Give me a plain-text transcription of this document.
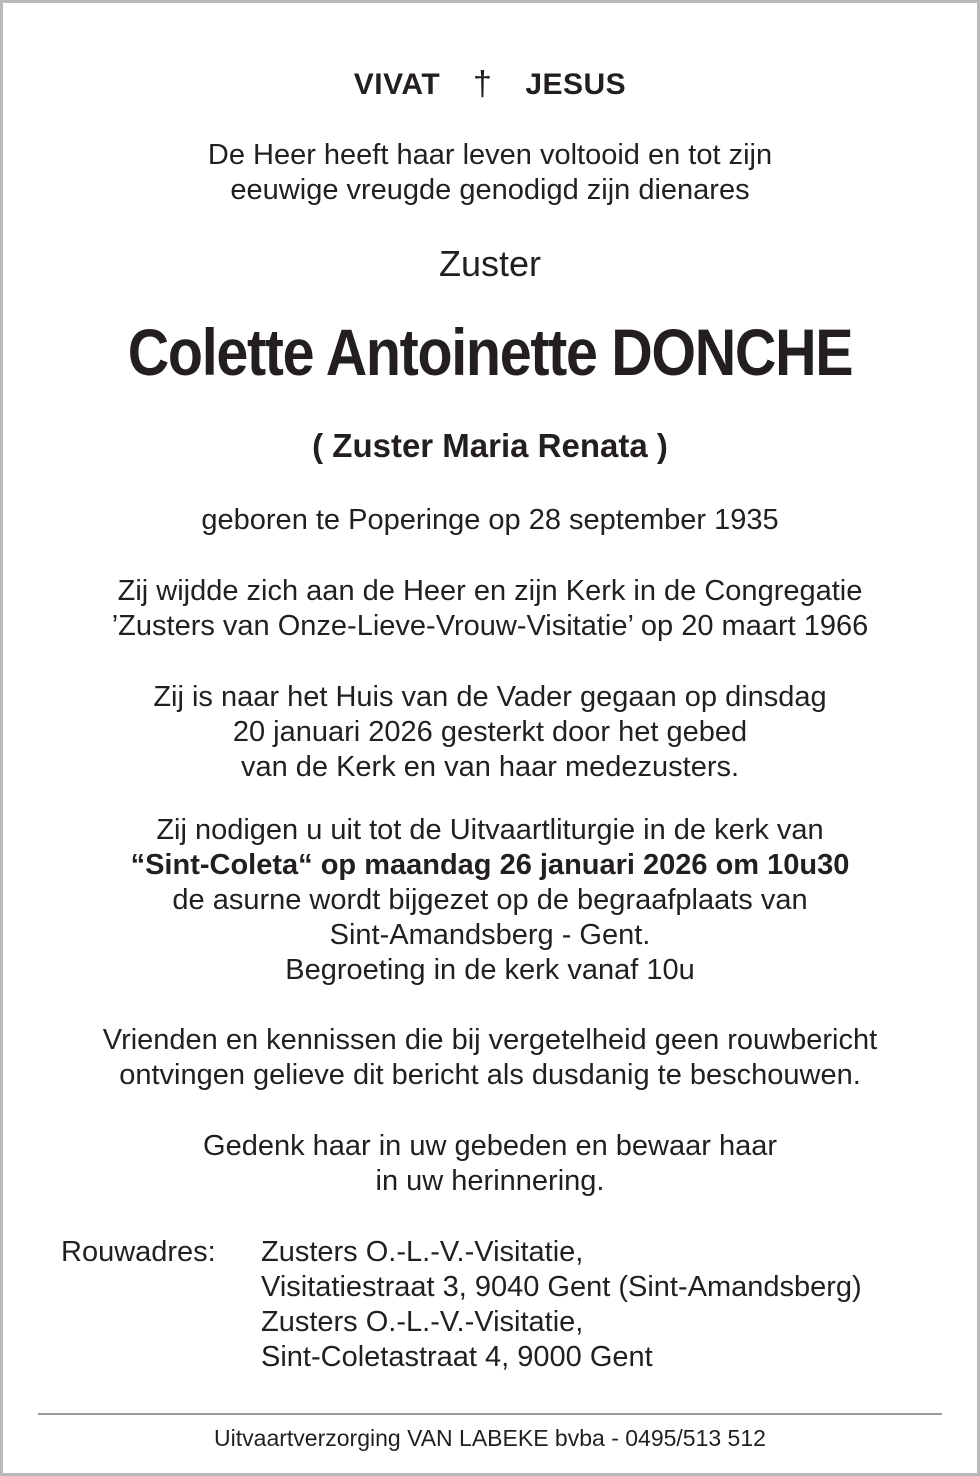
VIVAT † JESUS

De Heer heeft haar leven voltooid en tot zijn

eeuwige vreugde genodigd zijn dienares

Zuster
Colette Antoinette DONCHE
( Zuster Maria Renata )

geboren te Poperinge op 28 september 1935

Zij wijdde zich aan de Heer en zijn Kerk in de Congregatie

’Zusters van Onze-Lieve-Vrouw-Visitatie’ op 20 maart 1966

Zij is naar het Huis van de Vader gegaan op dinsdag

20 januari 2026 gesterkt door het gebed

van de Kerk en van haar medezusters.

Zij nodigen u uit tot de Uitvaartliturgie in de kerk van

“Sint-Coleta“ op maandag 26 januari 2026 om 10u30

de asurne wordt bijgezet op de begraafplaats van

Sint-Amandsberg - Gent.

Begroeting in de kerk vanaf 10u

Vrienden en kennissen die bij vergetelheid geen rouwbericht

ontvingen gelieve dit bericht als dusdanig te beschouwen.

Gedenk haar in uw gebeden en bewaar haar

in uw herinnering.

Rouwadres:	Zusters O.-L.-V.-Visitatie,
Visitatiestraat 3, 9040 Gent (Sint-Amandsberg)
Zusters O.-L.-V.-Visitatie,
Sint-Coletastraat 4, 9000 Gent
Uitvaartverzorging VAN LABEKE bvba - 0495/513 512
